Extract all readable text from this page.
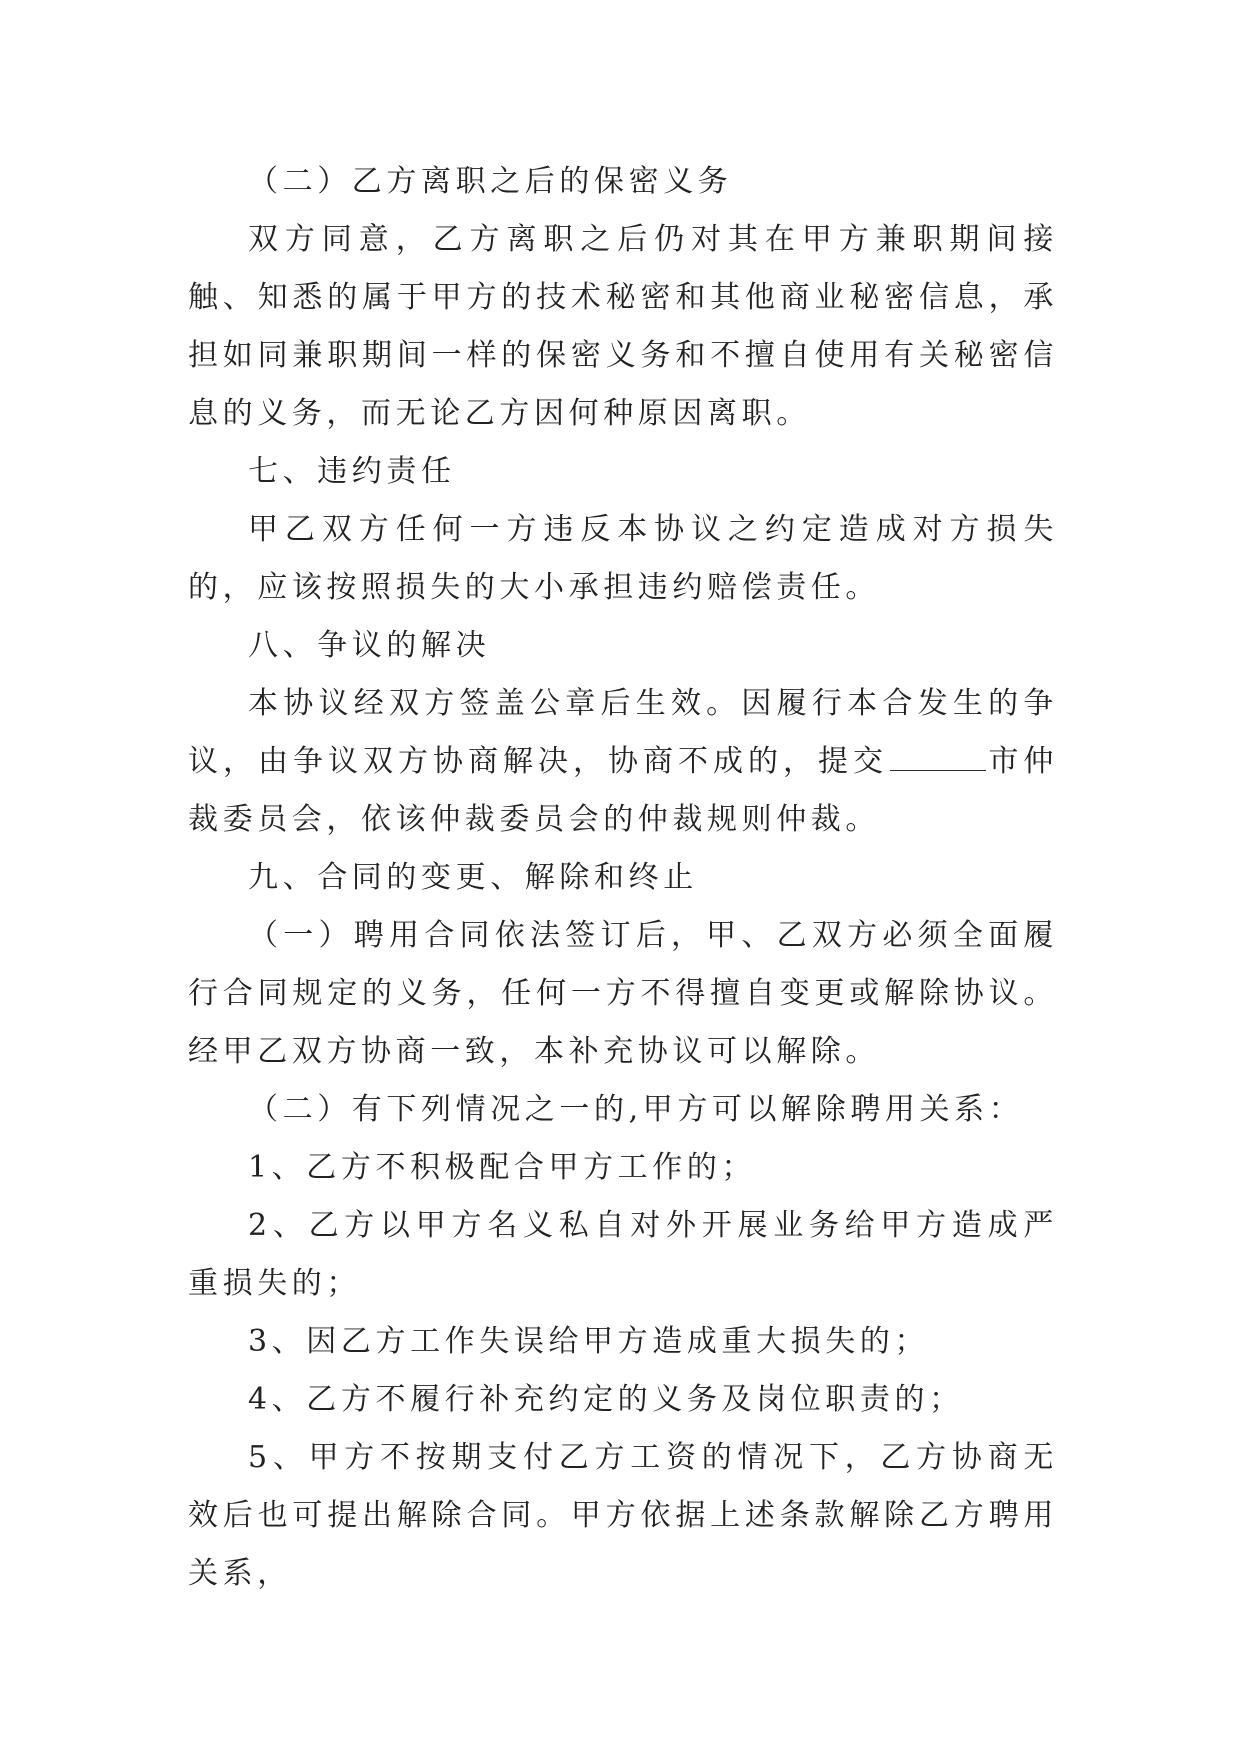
（二）乙方离职之后的保密义务

双方同意，乙方离职之后仍对其在甲方兼职期间接触、知悉的属于甲方的技术秘密和其他商业秘密信息，承担如同兼职期间一样的保密义务和不擅自使用有关秘密信息的义务，而无论乙方因何种原因离职。

七、违约责任

甲乙双方任何一方违反本协议之约定造成对方损失的，应该按照损失的大小承担违约赔偿责任。

八、争议的解决

本协议经双方签盖公章后生效。因履行本合发生的争议，由争议双方协商解决，协商不成的，提交	市仲裁委员会，依该仲裁委员会的仲裁规则仲裁。

九、合同的变更、解除和终止

（一）聘用合同依法签订后，甲、乙双方必须全面履行合同规定的义务，任何一方不得擅自变更或解除协议。经甲乙双方协商一致，本补充协议可以解除。

（二）有下列情况之一的,甲方可以解除聘用关系：

1、乙方不积极配合甲方工作的；

2、乙方以甲方名义私自对外开展业务给甲方造成严重损失的；

3、因乙方工作失误给甲方造成重大损失的；

4、乙方不履行补充约定的义务及岗位职责的；

5、甲方不按期支付乙方工资的情况下，乙方协商无效后也可提出解除合同。甲方依据上述条款解除乙方聘用关系，
